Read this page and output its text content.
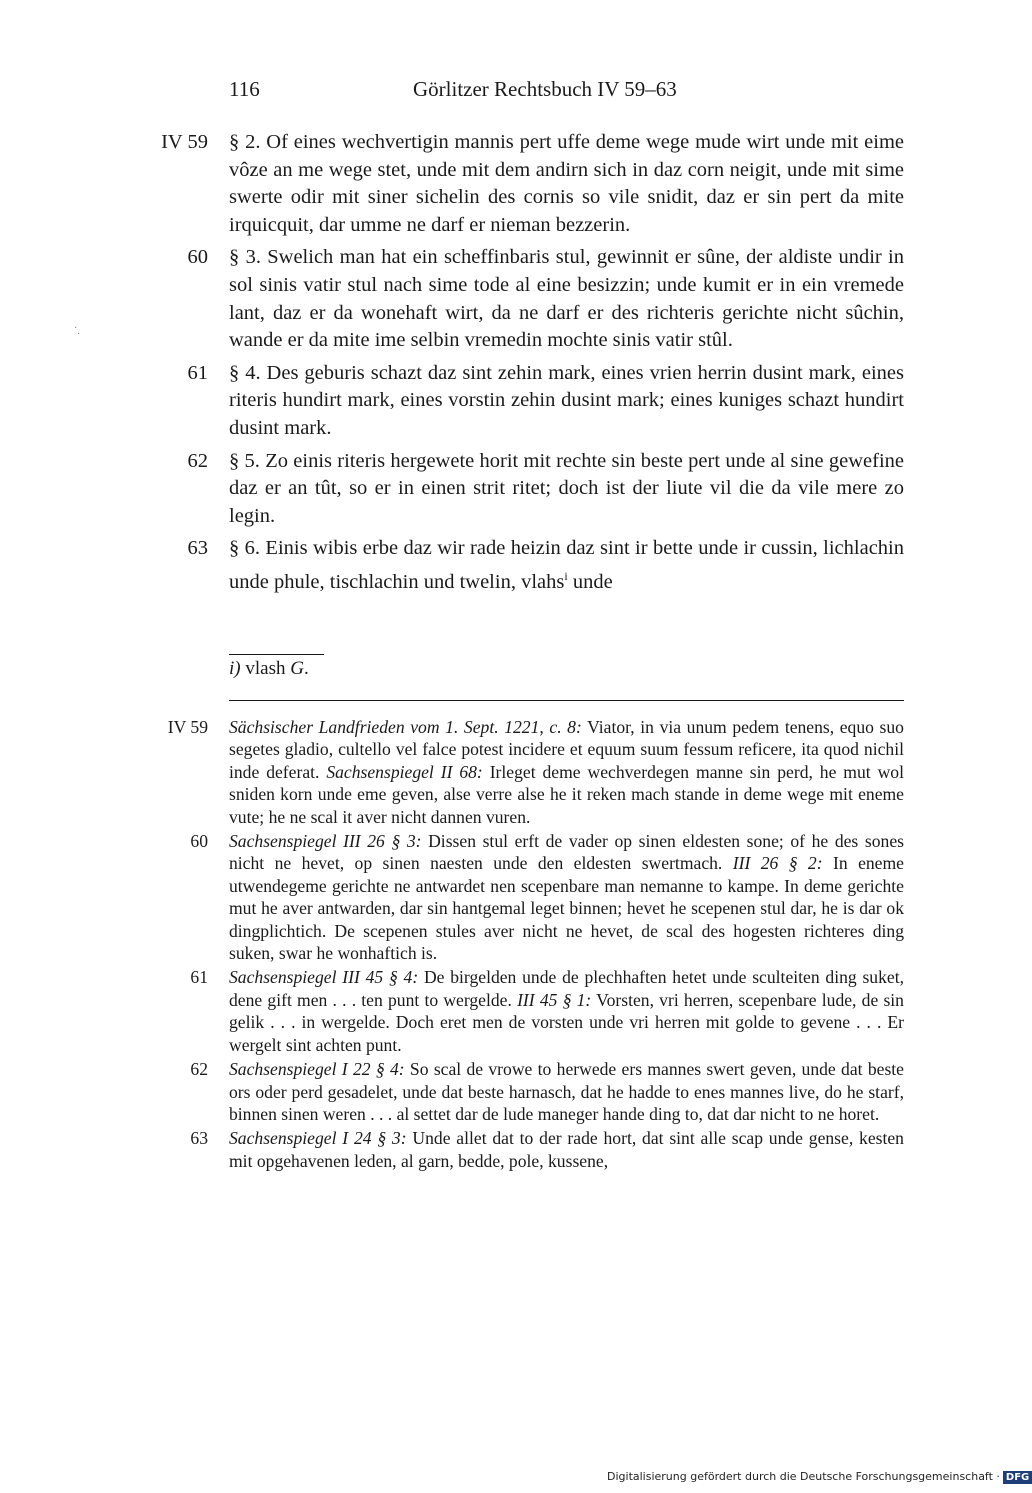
116	Görlitzer Rechtsbuch IV 59–63
IV 59 § 2. Of eines wechvertigin mannis pert uffe deme wege mude wirt unde mit eime vôze an me wege stet, unde mit dem andirn sich in daz corn neigit, unde mit sime swerte odir mit siner sichelin des cornis so vile snidit, daz er sin pert da mite irquicquit, dar umme ne darf er nieman bezzerin.
60 § 3. Swelich man hat ein scheffinbaris stul, gewinnit er sûne, der aldiste undir in sol sinis vatir stul nach sime tode al eine besizzin; unde kumit er in ein vremede lant, daz er da wonehaft wirt, da ne darf er des richteris gerichte nicht sûchin, wande er da mite ime selbin vremedin mochte sinis vatir stûl.
61 § 4. Des geburis schazt daz sint zehin mark, eines vrien herrin dusint mark, eines riteris hundirt mark, eines vorstin zehin dusint mark; eines kuniges schazt hundirt dusint mark.
62 § 5. Zo einis riteris hergewete horit mit rechte sin beste pert unde al sine gewefine daz er an tût, so er in einen strit ritet; doch ist der liute vil die da vile mere zo legin.
63 § 6. Einis wibis erbe daz wir rade heizin daz sint ir bette unde ir cussin, lichlachin unde phule, tischlachin und twelin, vlahs$^i$ unde
i) vlash G.
IV 59 Sächsischer Landfrieden vom 1. Sept. 1221, c. 8: Viator, in via unum pedem tenens, equo suo segetes gladio, cultello vel falce potest incidere et equum suum fessum reficere, ita quod nichil inde deferat. Sachsenspiegel II 68: Irleget deme wechverdegen manne sin perd, he mut wol sniden korn unde eme geven, alse verre alse he it reken mach stande in deme wege mit eneme vute; he ne scal it aver nicht dannen vuren.
60 Sachsenspiegel III 26 § 3: Dissen stul erft de vader op sinen eldesten sone; of he des sones nicht ne hevet, op sinen naesten unde den eldesten swertmach. III 26 § 2: In eneme utwendegeme gerichte ne antwardet nen scepenbare man nemanne to kampe. In deme gerichte mut he aver antwarden, dar sin hantgemal leget binnen; hevet he scepenen stul dar, he is dar ok dingplichtich. De scepenen stules aver nicht ne hevet, de scal des hogesten richteres ding suken, swar he wonhaftich is.
61 Sachsenspiegel III 45 § 4: De birgelden unde de plechhaften hetet unde sculteiten ding suket, dene gift men . . . ten punt to wergelde. III 45 § 1: Vorsten, vri herren, scepenbare lude, de sin gelik . . . in wergelde. Doch eret men de vorsten unde vri herren mit golde to gevene . . . Er wergelt sint achten punt.
62 Sachsenspiegel I 22 § 4: So scal de vrowe to herwede ers mannes swert geven, unde dat beste ors oder perd gesadelet, unde dat beste harnasch, dat he hadde to enes mannes live, do he starf, binnen sinen weren . . . al settet dar de lude maneger hande ding to, dat dar nicht to ne horet.
63 Sachsenspiegel I 24 § 3: Unde allet dat to der rade hort, dat sint alle scap unde gense, kesten mit opgehavenen leden, al garn, bedde, pole, kussene,
˙.
Digitalisierung gefördert durch die Deutsche Forschungsgemeinschaft · DFG
